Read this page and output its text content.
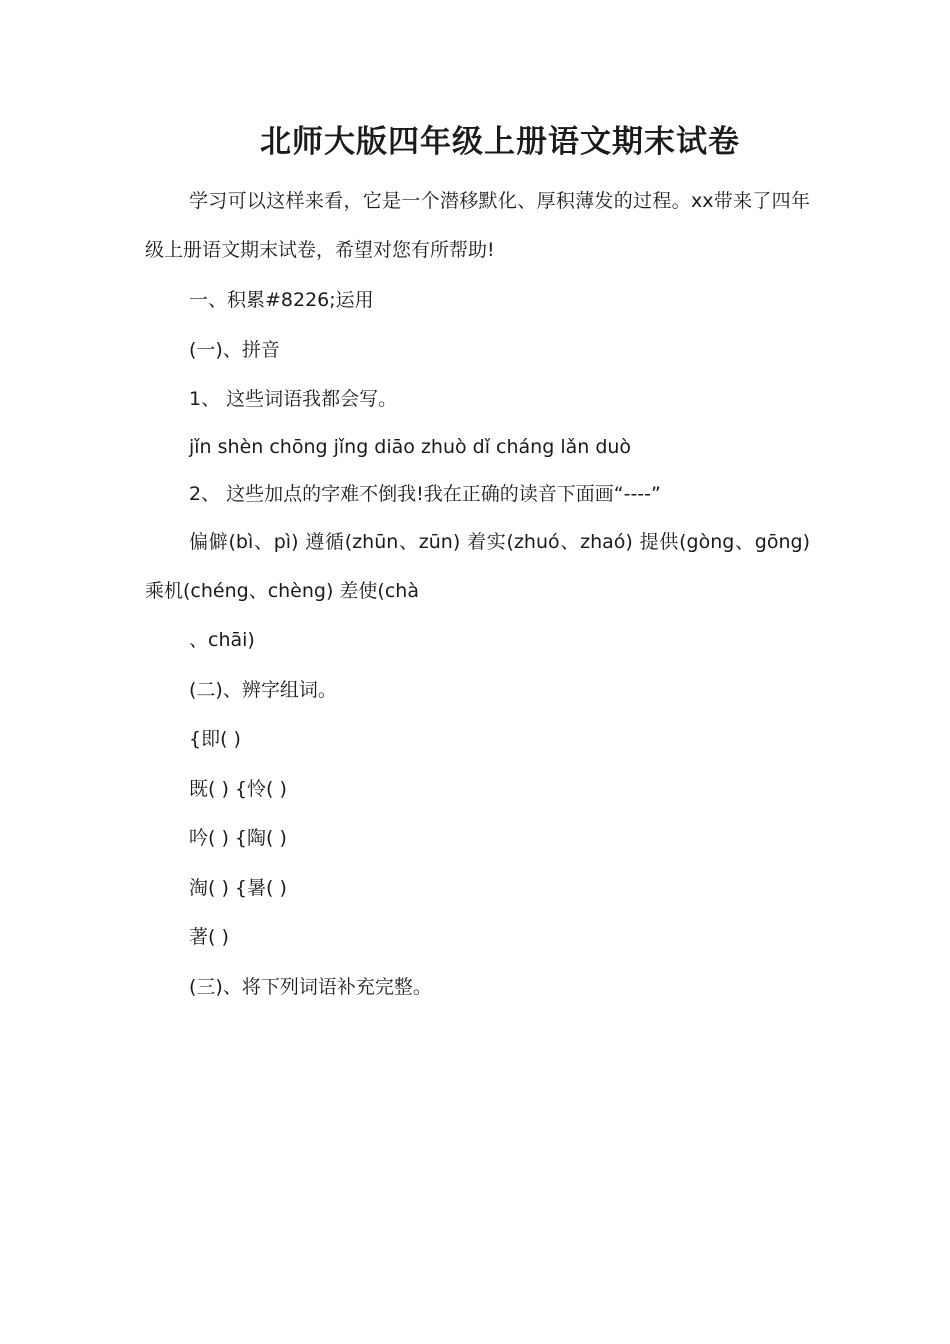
北师大版四年级上册语文期末试卷
学习可以这样来看，它是一个潜移默化、厚积薄发的过程。xx带来了四年级上册语文期末试卷，希望对您有所帮助!
一、积累#8226;运用
(一)、拼音
1、 这些词语我都会写。
jǐn shèn chōng jǐng diāo zhuò dǐ cháng lǎn duò
2、 这些加点的字难不倒我!我在正确的读音下面画“----”
偏僻(bì、pì) 遵循(zhūn、zūn) 着实(zhuó、zhaó) 提供(gòng、gōng) 乘机(chéng、chèng) 差使(chà
、chāi)
(二)、辨字组词。
{即( )
既( ) {怜( )
吟( ) {陶( )
淘( ) {暑( )
著( )
(三)、将下列词语补充完整。
